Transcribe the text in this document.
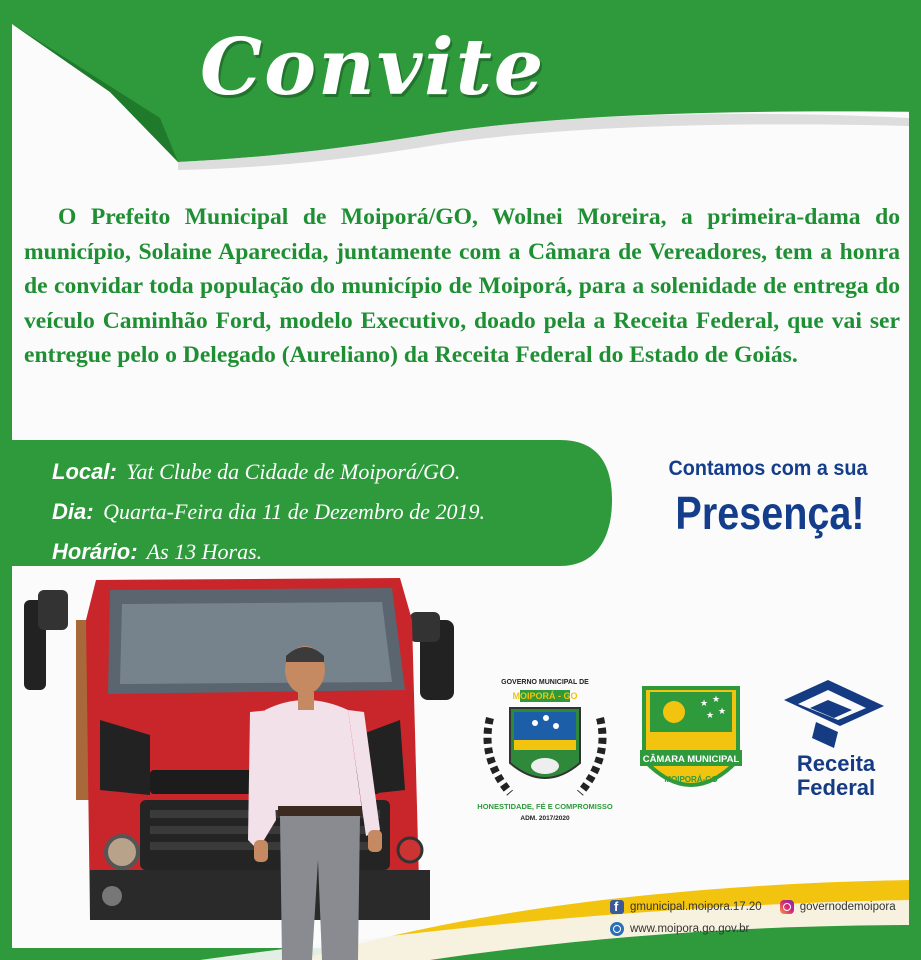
Convite

O Prefeito Municipal de Moiporá/GO, Wolnei Moreira, a primeira-dama do município, Solaine Aparecida, juntamente com a Câmara de Vereadores, tem a honra de convidar toda população do município de Moiporá, para a solenidade de entrega do veículo Caminhão Ford, modelo Executivo, doado pela a Receita Federal, que vai ser entregue pelo o Delegado (Aureliano) da Receita Federal do Estado de Goiás.

Local: Yat Clube da Cidade de Moiporá/GO.
Dia: Quarta-Feira dia 11 de Dezembro de 2019.
Horário: As 13 Horas.
Contamos com a sua
Presença!
GOVERNO MUNICIPAL DE
MOIPORÁ - GO
HONESTIDADE, FÉ E COMPROMISSO
ADM. 2017/2020
★ ★
★ ★
CÂMARA MUNICIPAL
MOIPORÁ-GO
Receita
Federal
f
gmunicipal.moipora.17.20	governodemoipora
www.moipora.go.gov.br
